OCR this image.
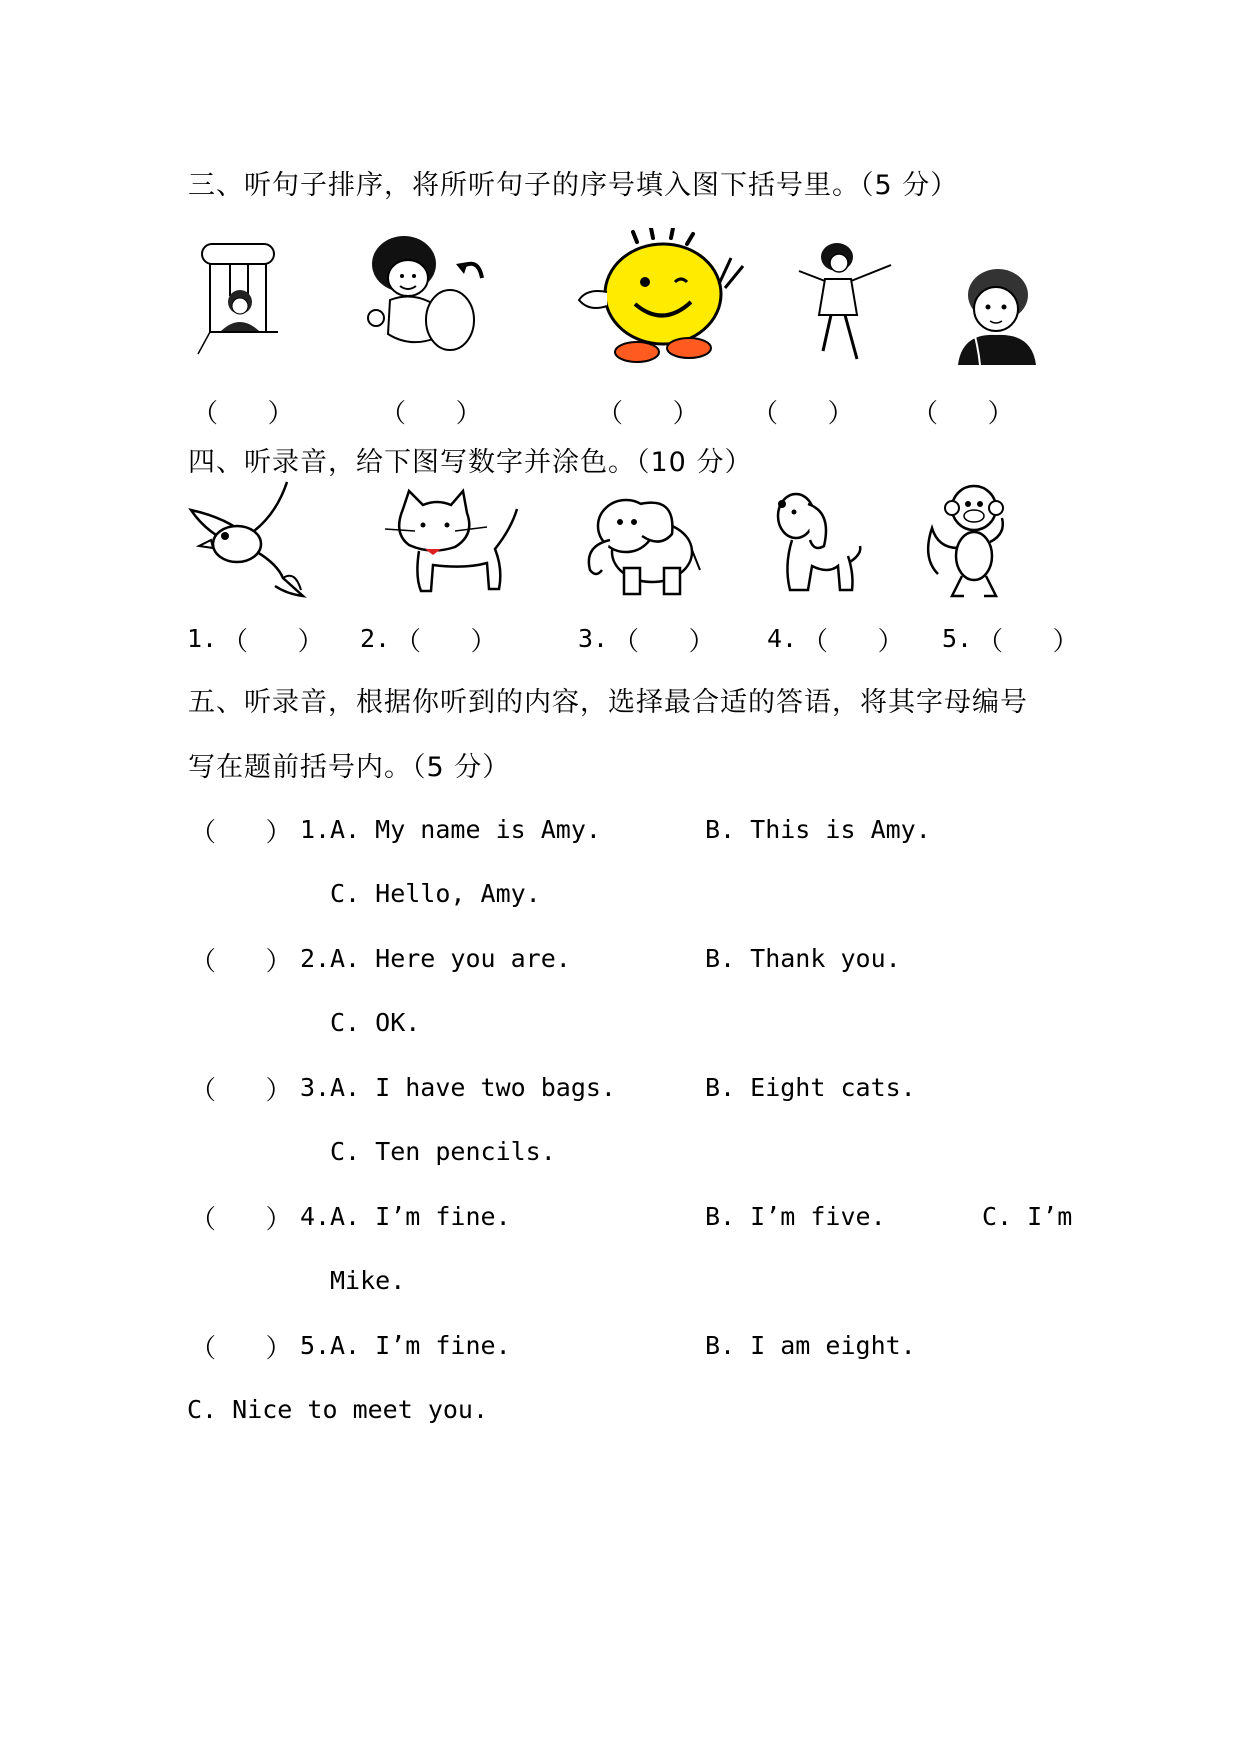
三、听句子排序，将所听句子的序号填入图下括号里。（5 分）
（      ）	（      ）	（      ） （      ） （      ）
四、听录音，给下图写数字并涂色。（10 分）
1. （      ） 2. （      ）	3. （      ） 4. （      ） 5. （      ）
五、听录音，根据你听到的内容，选择最合适的答语，将其字母编号
写在题前括号内。（5 分）
（      ） 1. A. My name is Amy.	B. This is Amy.
C. Hello, Amy.
（      ） 2. A. Here you are.	B. Thank you.
C. OK.
（      ） 3. A. I have two bags.	B. Eight cats.
C. Ten pencils.
（      ） 4. A. I’m fine.	B. I’m five.	C. I’m
Mike.
（      ） 5. A. I’m fine.	B. I am eight.
C. Nice to meet you.
